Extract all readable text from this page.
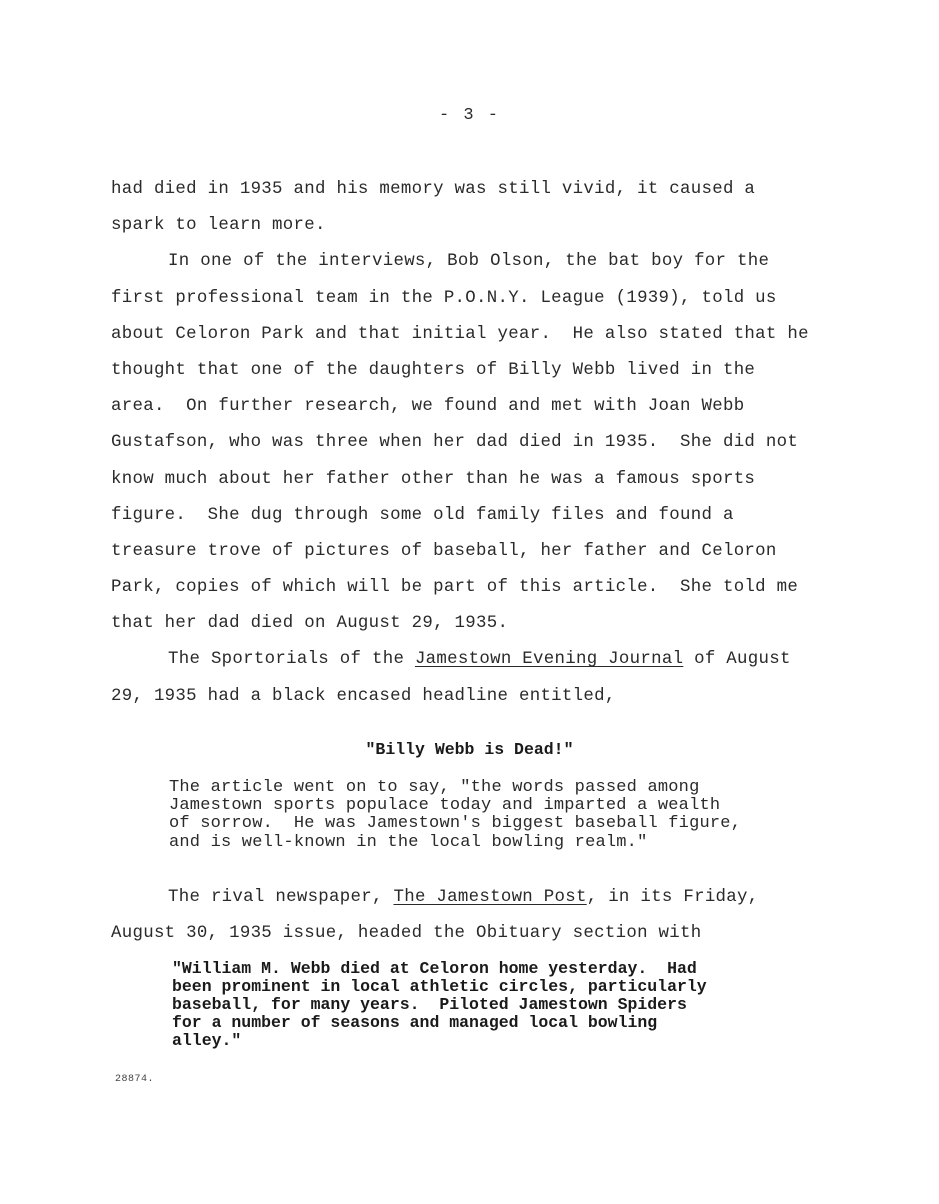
- 3 -
had died in 1935 and his memory was still vivid, it caused a
spark to learn more.
In one of the interviews, Bob Olson, the bat boy for the
first professional team in the P.O.N.Y. League (1939), told us
about Celoron Park and that initial year.  He also stated that he
thought that one of the daughters of Billy Webb lived in the
area.  On further research, we found and met with Joan Webb
Gustafson, who was three when her dad died in 1935.  She did not
know much about her father other than he was a famous sports
figure.  She dug through some old family files and found a
treasure trove of pictures of baseball, her father and Celoron
Park, copies of which will be part of this article.  She told me
that her dad died on August 29, 1935.
The Sportorials of the Jamestown Evening Journal of August
29, 1935 had a black encased headline entitled,
"Billy Webb is Dead!"
The article went on to say, "the words passed among
Jamestown sports populace today and imparted a wealth
of sorrow.  He was Jamestown's biggest baseball figure,
and is well-known in the local bowling realm."
The rival newspaper, The Jamestown Post, in its Friday,
August 30, 1935 issue, headed the Obituary section with
"William M. Webb died at Celoron home yesterday.  Had
been prominent in local athletic circles, particularly
baseball, for many years.  Piloted Jamestown Spiders
for a number of seasons and managed local bowling
alley."
28874.
